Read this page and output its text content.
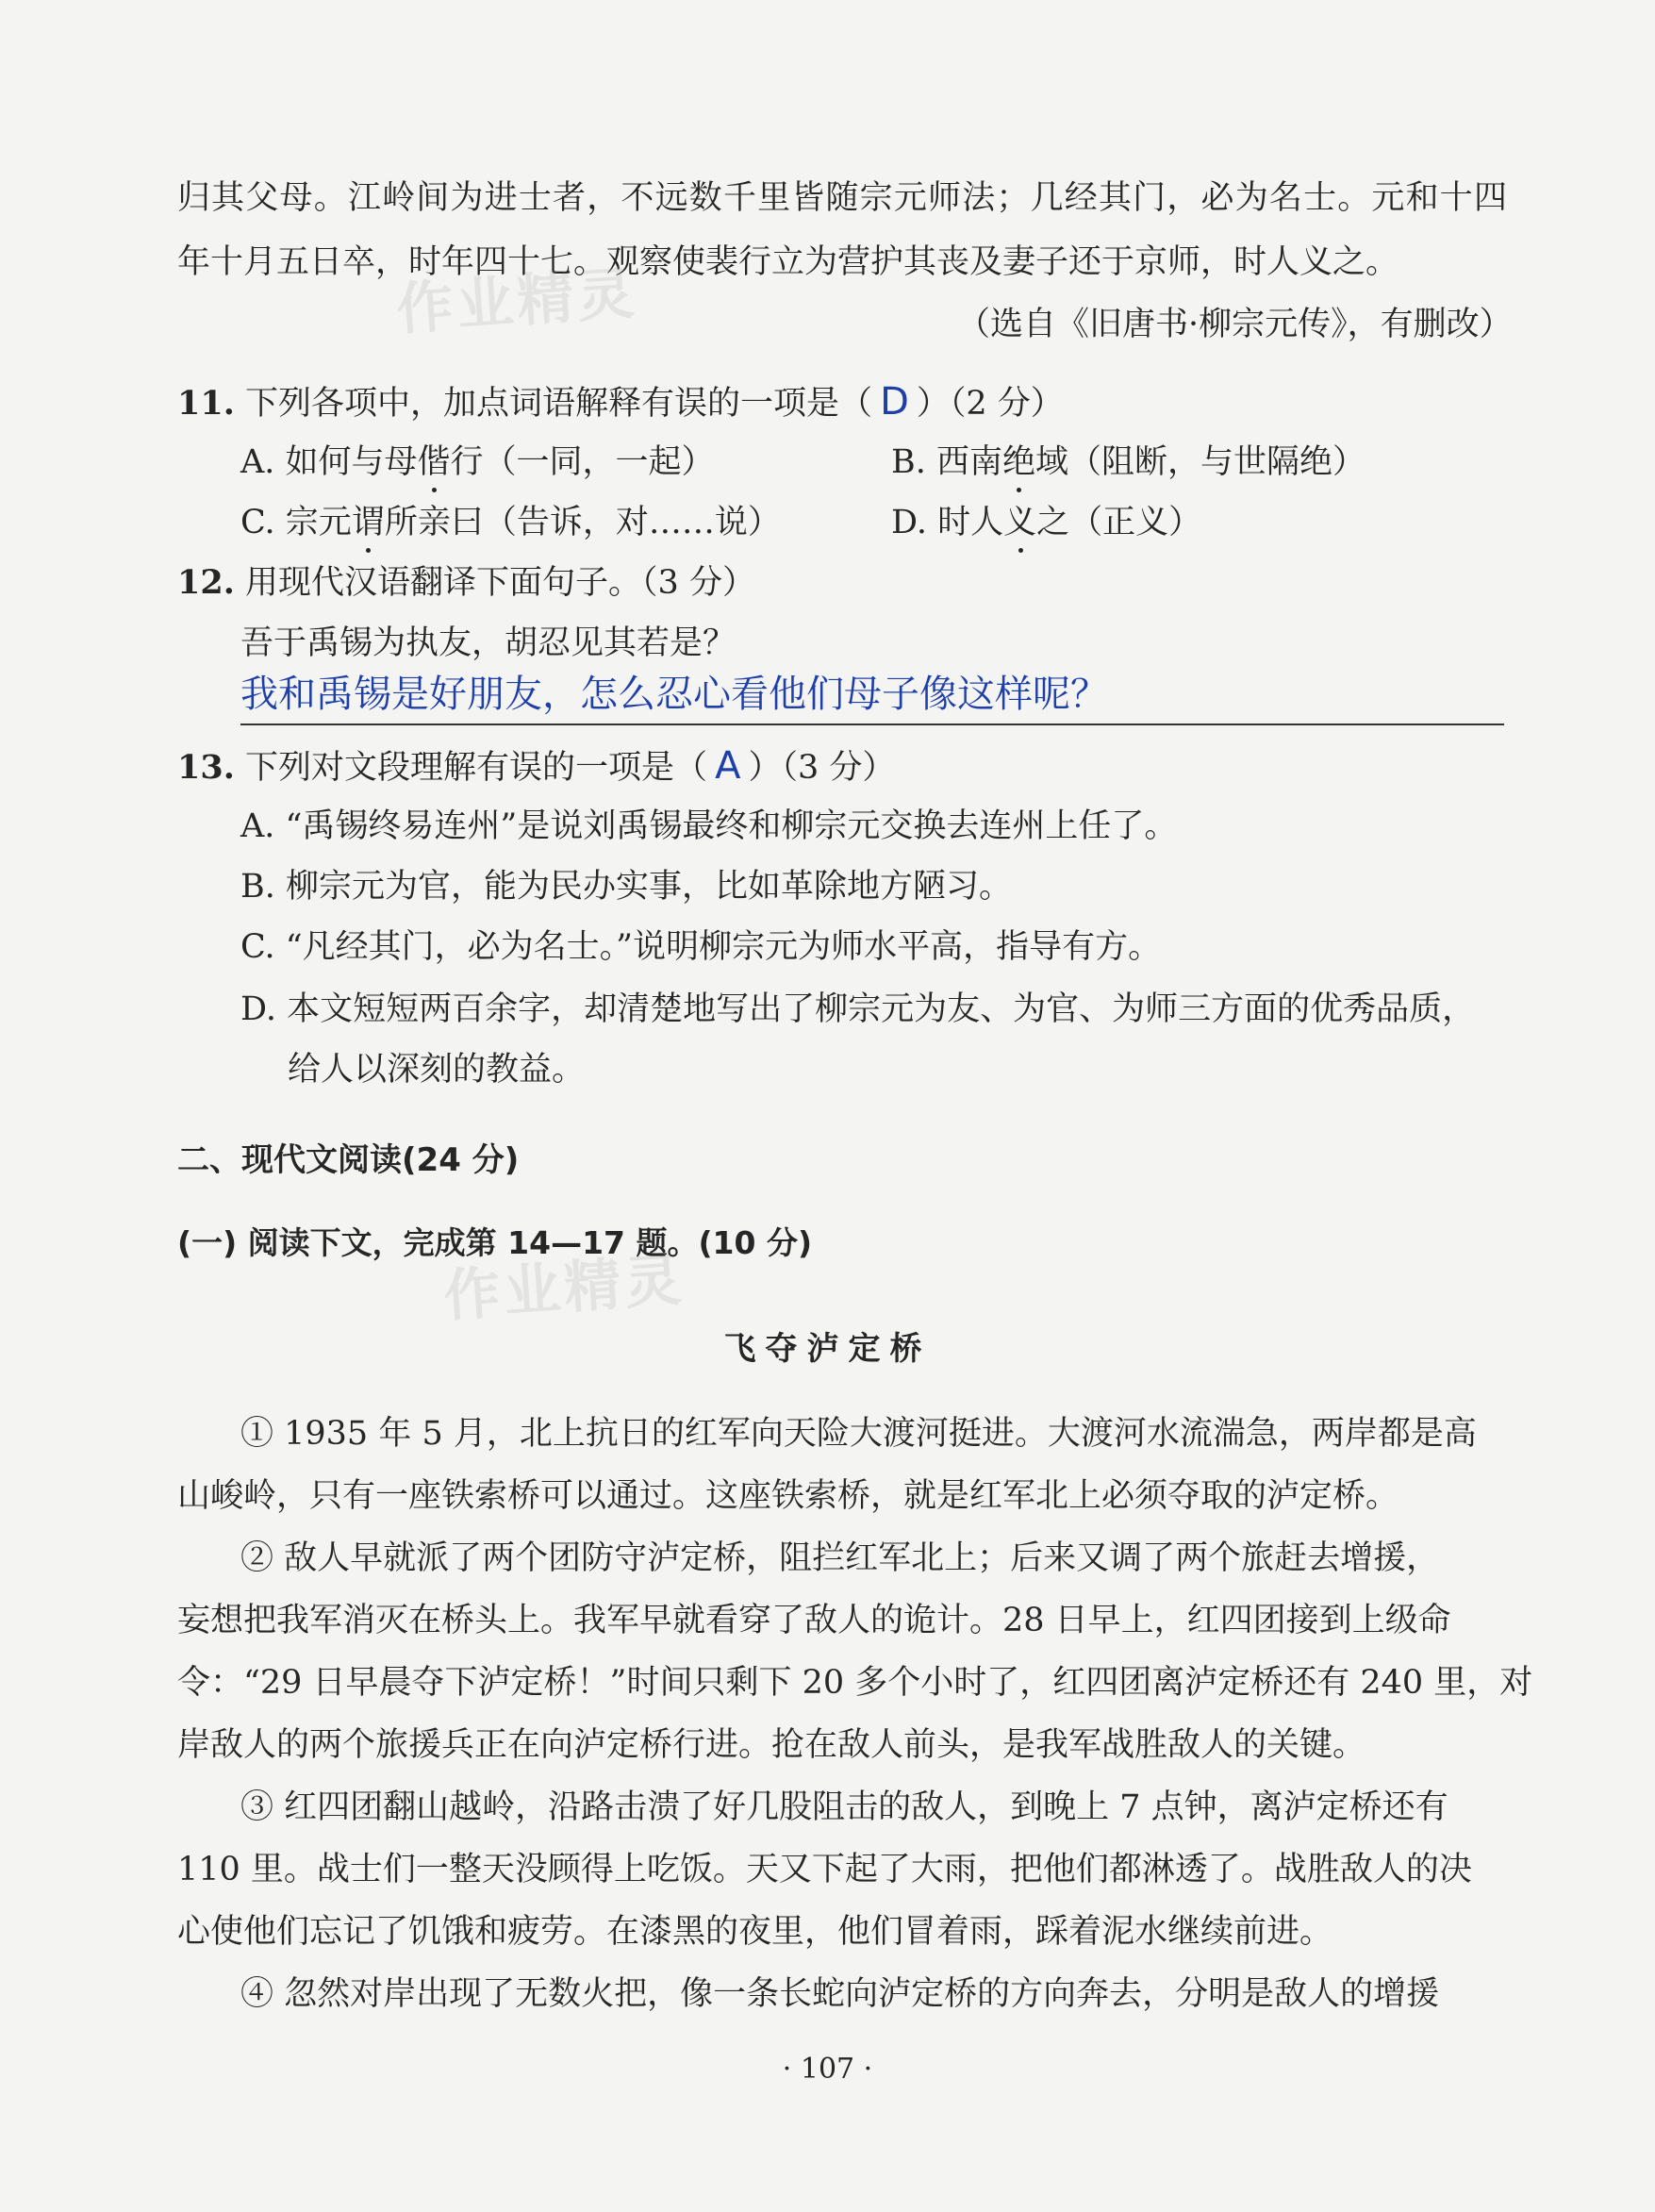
归其父母。江岭间为进士者，不远数千里皆随宗元师法；几经其门，必为名士。元和十四
年十月五日卒，时年四十七。观察使裴行立为营护其丧及妻子还于京师，时人义之。
（选自《旧唐书·柳宗元传》，有删改）
作业精灵
11. 下列各项中，加点词语解释有误的一项是（ D ）（2 分）
A. 如何与母偕行（一同，一起）	B. 西南绝域（阻断，与世隔绝）
C. 宗元谓所亲曰（告诉，对……说）	D. 时人义之（正义）
12. 用现代汉语翻译下面句子。（3 分）
吾于禹锡为执友，胡忍见其若是？
我和禹锡是好朋友，怎么忍心看他们母子像这样呢？
13. 下列对文段理解有误的一项是（ A ）（3 分）
A. “禹锡终易连州”是说刘禹锡最终和柳宗元交换去连州上任了。
B. 柳宗元为官，能为民办实事，比如革除地方陋习。
C. “凡经其门，必为名士。”说明柳宗元为师水平高，指导有方。
D. 本文短短两百余字，却清楚地写出了柳宗元为友、为官、为师三方面的优秀品质，
给人以深刻的教益。
二、现代文阅读(24 分)
(一) 阅读下文，完成第 14—17 题。(10 分)
作业精灵
飞夺泸定桥
① 1935 年 5 月，北上抗日的红军向天险大渡河挺进。大渡河水流湍急，两岸都是高
山峻岭，只有一座铁索桥可以通过。这座铁索桥，就是红军北上必须夺取的泸定桥。
② 敌人早就派了两个团防守泸定桥，阻拦红军北上；后来又调了两个旅赶去增援，
妄想把我军消灭在桥头上。我军早就看穿了敌人的诡计。28 日早上，红四团接到上级命
令：“29 日早晨夺下泸定桥！”时间只剩下 20 多个小时了，红四团离泸定桥还有 240 里，对
岸敌人的两个旅援兵正在向泸定桥行进。抢在敌人前头，是我军战胜敌人的关键。
③ 红四团翻山越岭，沿路击溃了好几股阻击的敌人，到晚上 7 点钟，离泸定桥还有
110 里。战士们一整天没顾得上吃饭。天又下起了大雨，把他们都淋透了。战胜敌人的决
心使他们忘记了饥饿和疲劳。在漆黑的夜里，他们冒着雨，踩着泥水继续前进。
④ 忽然对岸出现了无数火把，像一条长蛇向泸定桥的方向奔去，分明是敌人的增援
· 107 ·
